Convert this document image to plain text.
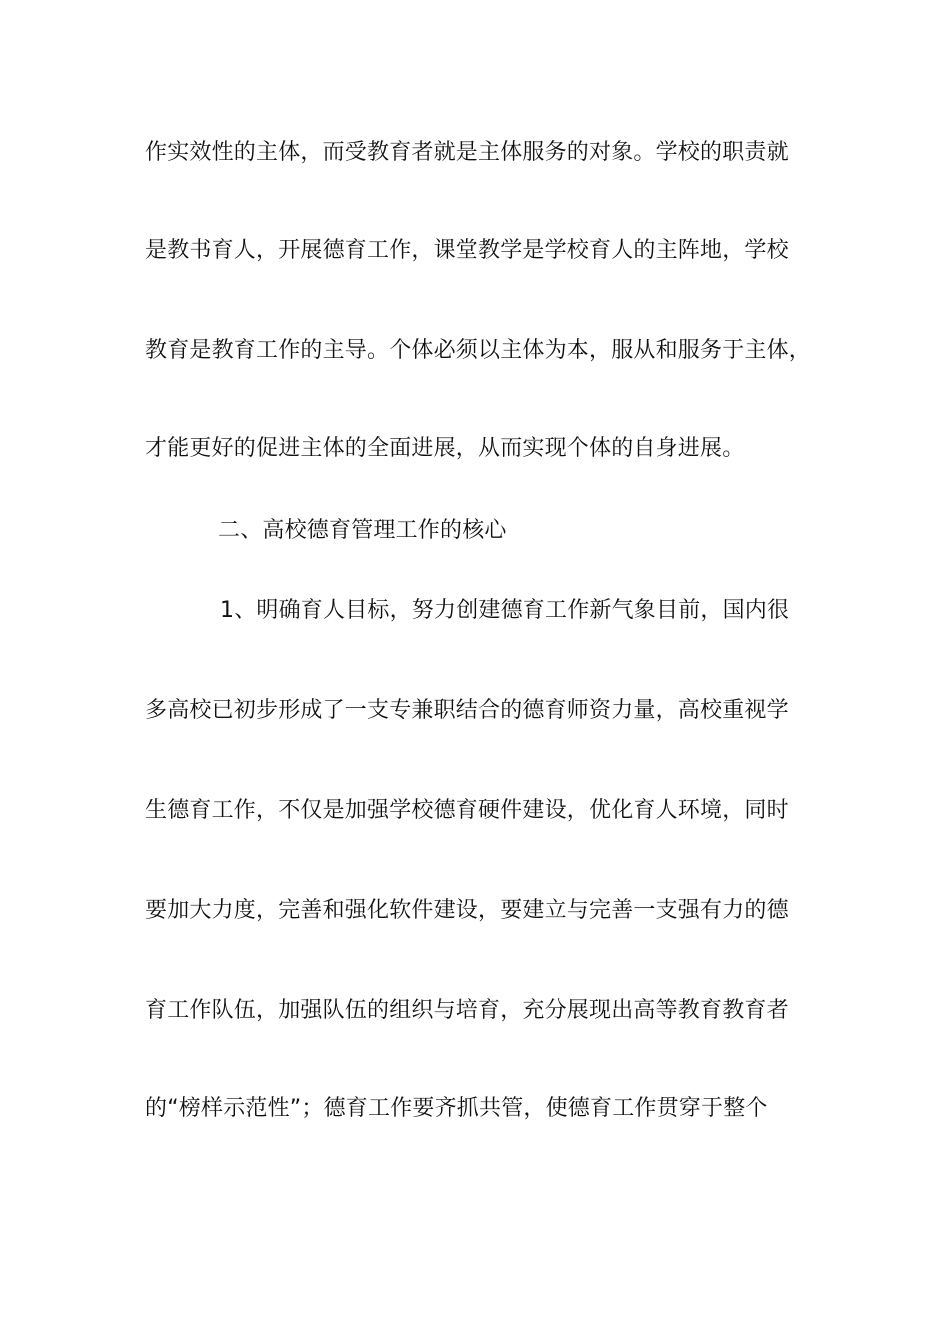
作实效性的主体，而受教育者就是主体服务的对象。学校的职责就
是教书育人，开展德育工作，课堂教学是学校育人的主阵地，学校
教育是教育工作的主导。个体必须以主体为本，服从和服务于主体，
才能更好的促进主体的全面进展，从而实现个体的自身进展。
二、高校德育管理工作的核心
1、明确育人目标，努力创建德育工作新气象目前，国内很
多高校已初步形成了一支专兼职结合的德育师资力量，高校重视学
生德育工作，不仅是加强学校德育硬件建设，优化育人环境，同时
要加大力度，完善和强化软件建设，要建立与完善一支强有力的德
育工作队伍，加强队伍的组织与培育，充分展现出高等教育教育者
的“榜样示范性”；德育工作要齐抓共管，使德育工作贯穿于整个
